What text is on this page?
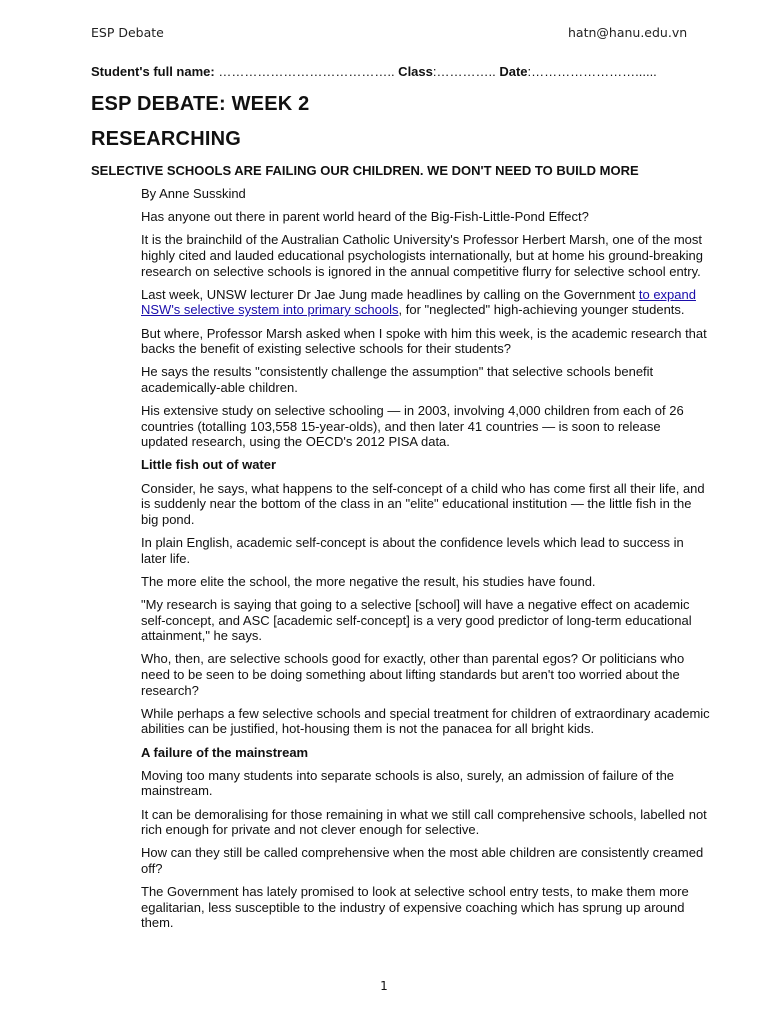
ESP Debate	hatn@hanu.edu.vn
Student's full name: ………………………………….. Class:………….. Date:……………………......
ESP DEBATE: WEEK 2
RESEARCHING
SELECTIVE SCHOOLS ARE FAILING OUR CHILDREN. WE DON'T NEED TO BUILD MORE

By Anne Susskind

Has anyone out there in parent world heard of the Big-Fish-Little-Pond Effect?

It is the brainchild of the Australian Catholic University's Professor Herbert Marsh, one of the most highly cited and lauded educational psychologists internationally, but at home his ground-breaking research on selective schools is ignored in the annual competitive flurry for selective school entry.

Last week, UNSW lecturer Dr Jae Jung made headlines by calling on the Government to expand NSW's selective system into primary schools, for "neglected" high-achieving younger students.

But where, Professor Marsh asked when I spoke with him this week, is the academic research that backs the benefit of existing selective schools for their students?

He says the results "consistently challenge the assumption" that selective schools benefit academically-able children.

His extensive study on selective schooling — in 2003, involving 4,000 children from each of 26 countries (totalling 103,558 15-year-olds), and then later 41 countries — is soon to release updated research, using the OECD's 2012 PISA data.

Little fish out of water

Consider, he says, what happens to the self-concept of a child who has come first all their life, and is suddenly near the bottom of the class in an "elite" educational institution — the little fish in the big pond.

In plain English, academic self-concept is about the confidence levels which lead to success in later life.

The more elite the school, the more negative the result, his studies have found.

"My research is saying that going to a selective [school] will have a negative effect on academic self-concept, and ASC [academic self-concept] is a very good predictor of long-term educational attainment," he says.

Who, then, are selective schools good for exactly, other than parental egos? Or politicians who need to be seen to be doing something about lifting standards but aren't too worried about the research?

While perhaps a few selective schools and special treatment for children of extraordinary academic abilities can be justified, hot-housing them is not the panacea for all bright kids.

A failure of the mainstream

Moving too many students into separate schools is also, surely, an admission of failure of the mainstream.

It can be demoralising for those remaining in what we still call comprehensive schools, labelled not rich enough for private and not clever enough for selective.

How can they still be called comprehensive when the most able children are consistently creamed off?

The Government has lately promised to look at selective school entry tests, to make them more egalitarian, less susceptible to the industry of expensive coaching which has sprung up around them.

1
